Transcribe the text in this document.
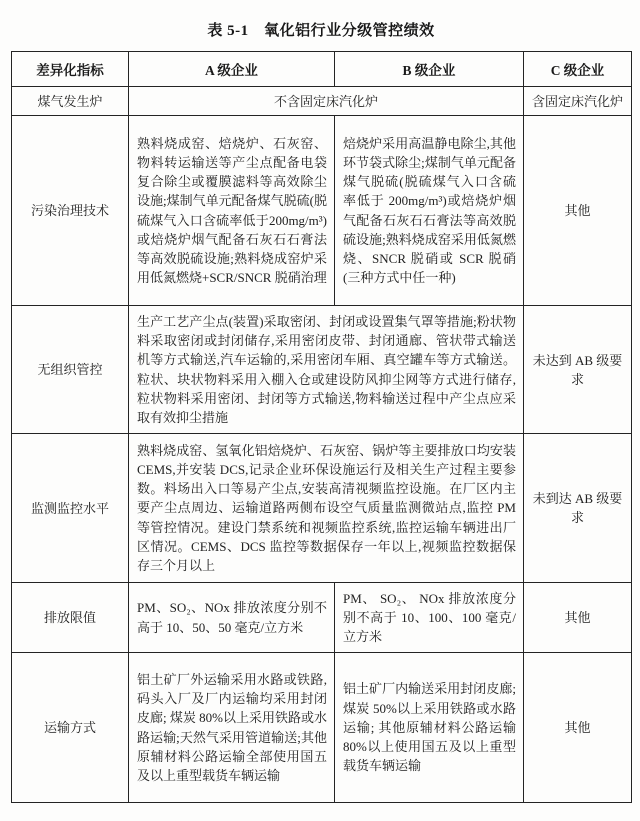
表 5-1　氧化铝行业分级管控绩效
差异化指标	A 级企业	B 级企业	C 级企业
煤气发生炉	不含固定床汽化炉		含固定床汽化炉
污染治理技术	熟料烧成窑、焙烧炉、石灰窑、物料转运输送等产尘点配备电袋复合除尘或覆膜滤料等高效除尘设施;煤制气单元配备煤气脱硫(脱硫煤气入口含硫率低于200mg/m³) 或焙烧炉烟气配备石灰石石膏法等高效脱硫设施;熟料烧成窑炉采用低氮燃烧+SCR/SNCR 脱硝治理	焙烧炉采用高温静电除尘,其他环节袋式除尘;煤制气单元配备煤气脱硫(脱硫煤气入口含硫率低于 200mg/m³)或焙烧炉烟气配备石灰石石膏法等高效脱硫设施;熟料烧成窑采用低氮燃烧、SNCR 脱硝或 SCR 脱硝(三种方式中任一种)	其他
无组织管控	生产工艺产尘点(装置)采取密闭、封闭或设置集气罩等措施;粉状物料采取密闭或封闭储存,采用密闭皮带、封闭通廊、管状带式输送机等方式输送,汽车运输的,采用密闭车厢、真空罐车等方式输送。粒状、块状物料采用入棚入仓或建设防风抑尘网等方式进行储存,粒状物料采用密闭、封闭等方式输送,物料输送过程中产尘点应采取有效抑尘措施		未达到 AB 级要求
监测监控水平	熟料烧成窑、氢氧化铝焙烧炉、石灰窑、锅炉等主要排放口均安装 CEMS,并安装 DCS,记录企业环保设施运行及相关生产过程主要参数。料场出入口等易产尘点,安装高清视频监控设施。在厂区内主要产尘点周边、运输道路两侧布设空气质量监测微站点,监控 PM 等管控情况。建设门禁系统和视频监控系统,监控运输车辆进出厂区情况。CEMS、DCS 监控等数据保存一年以上,视频监控数据保存三个月以上		未到达 AB 级要求
排放限值	PM、SO₂、NOx 排放浓度分别不高于 10、50、50 毫克/立方米	PM、 SO₂、 NOx 排放浓度分别不高于 10、100、100 毫克/立方米	其他
运输方式	铝土矿厂外运输采用水路或铁路,码头入厂及厂内运输均采用封闭皮廊; 煤炭 80%以上采用铁路或水路运输;天然气采用管道输送;其他原辅材料公路运输全部使用国五及以上重型载货车辆运输	铝土矿厂内输送采用封闭皮廊;煤炭 50%以上采用铁路或水路运输; 其他原辅材料公路运输 80%以上使用国五及以上重型载货车辆运输	其他
